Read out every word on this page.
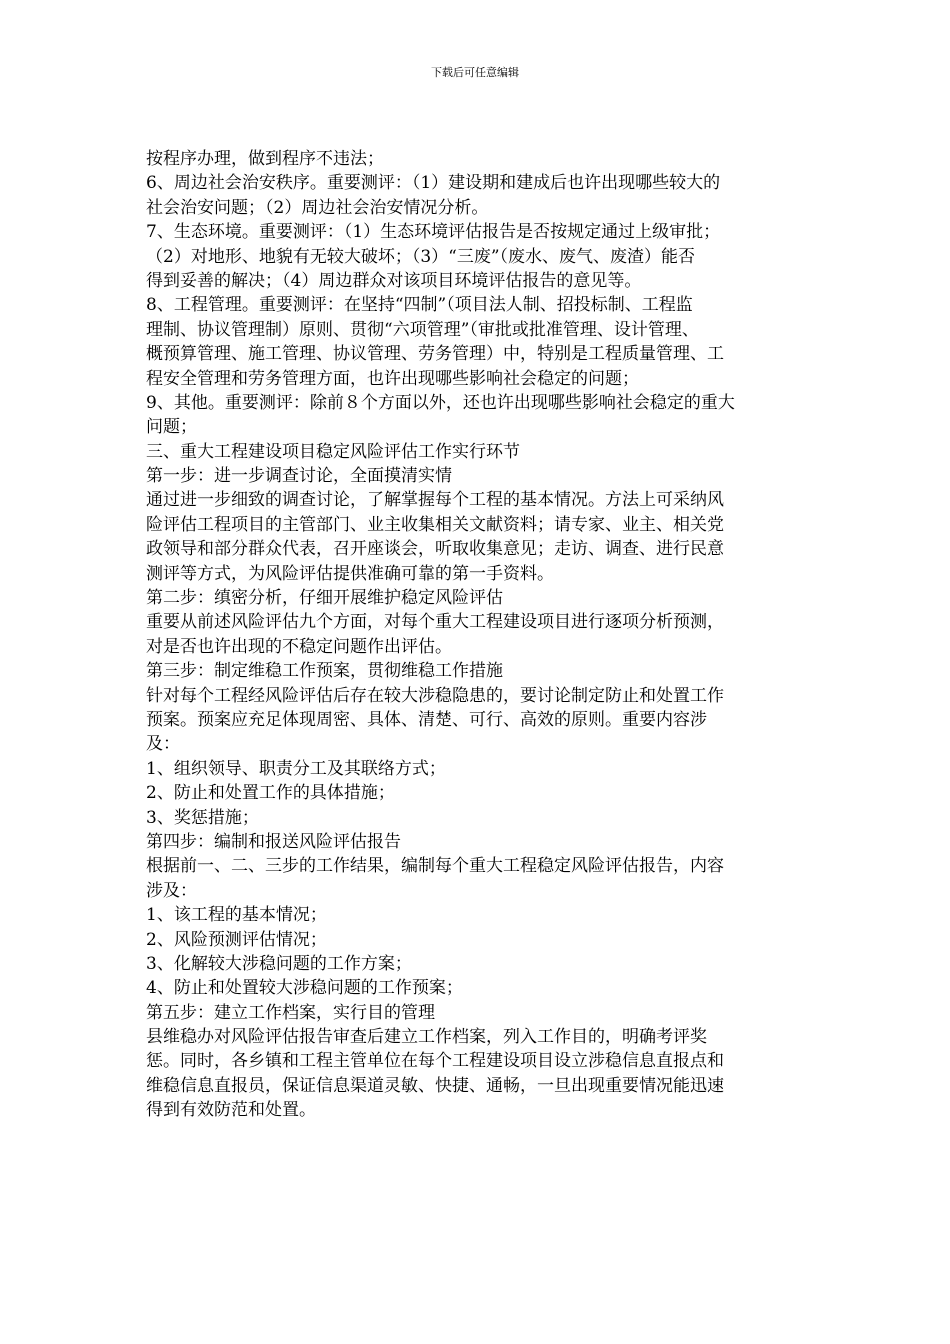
下载后可任意编辑
按程序办理，做到程序不违法；
6、周边社会治安秩序。重要测评：（1）建设期和建成后也许出现哪些较大的
社会治安问题；（2）周边社会治安情况分析。
7、生态环境。重要测评：（1）生态环境评估报告是否按规定通过上级审批；
（2）对地形、地貌有无较大破坏；（3）“三废”（废水、废气、废渣）能否
得到妥善的解决；（4）周边群众对该项目环境评估报告的意见等。
8、工程管理。重要测评：在坚持“四制”（项目法人制、招投标制、工程监
理制、协议管理制）原则、贯彻“六项管理”（审批或批准管理、设计管理、
概预算管理、施工管理、协议管理、劳务管理）中，特别是工程质量管理、工
程安全管理和劳务管理方面，也许出现哪些影响社会稳定的问题；
9、其他。重要测评：除前８个方面以外，还也许出现哪些影响社会稳定的重大
问题；
三、重大工程建设项目稳定风险评估工作实行环节
第一步：进一步调查讨论，全面摸清实情
通过进一步细致的调查讨论，了解掌握每个工程的基本情况。方法上可采纳风
险评估工程项目的主管部门、业主收集相关文献资料；请专家、业主、相关党
政领导和部分群众代表，召开座谈会，听取收集意见；走访、调查、进行民意
测评等方式，为风险评估提供准确可靠的第一手资料。
第二步：缜密分析，仔细开展维护稳定风险评估
重要从前述风险评估九个方面，对每个重大工程建设项目进行逐项分析预测，
对是否也许出现的不稳定问题作出评估。
第三步：制定维稳工作预案，贯彻维稳工作措施
针对每个工程经风险评估后存在较大涉稳隐患的，要讨论制定防止和处置工作
预案。预案应充足体现周密、具体、清楚、可行、高效的原则。重要内容涉
及：
1、组织领导、职责分工及其联络方式；
2、防止和处置工作的具体措施；
3、奖惩措施；
第四步：编制和报送风险评估报告
根据前一、二、三步的工作结果，编制每个重大工程稳定风险评估报告，内容
涉及：
1、该工程的基本情况；
2、风险预测评估情况；
3、化解较大涉稳问题的工作方案；
4、防止和处置较大涉稳问题的工作预案；
第五步：建立工作档案，实行目的管理
县维稳办对风险评估报告审查后建立工作档案，列入工作目的，明确考评奖
惩。同时，各乡镇和工程主管单位在每个工程建设项目设立涉稳信息直报点和
维稳信息直报员，保证信息渠道灵敏、快捷、通畅，一旦出现重要情况能迅速
得到有效防范和处置。
